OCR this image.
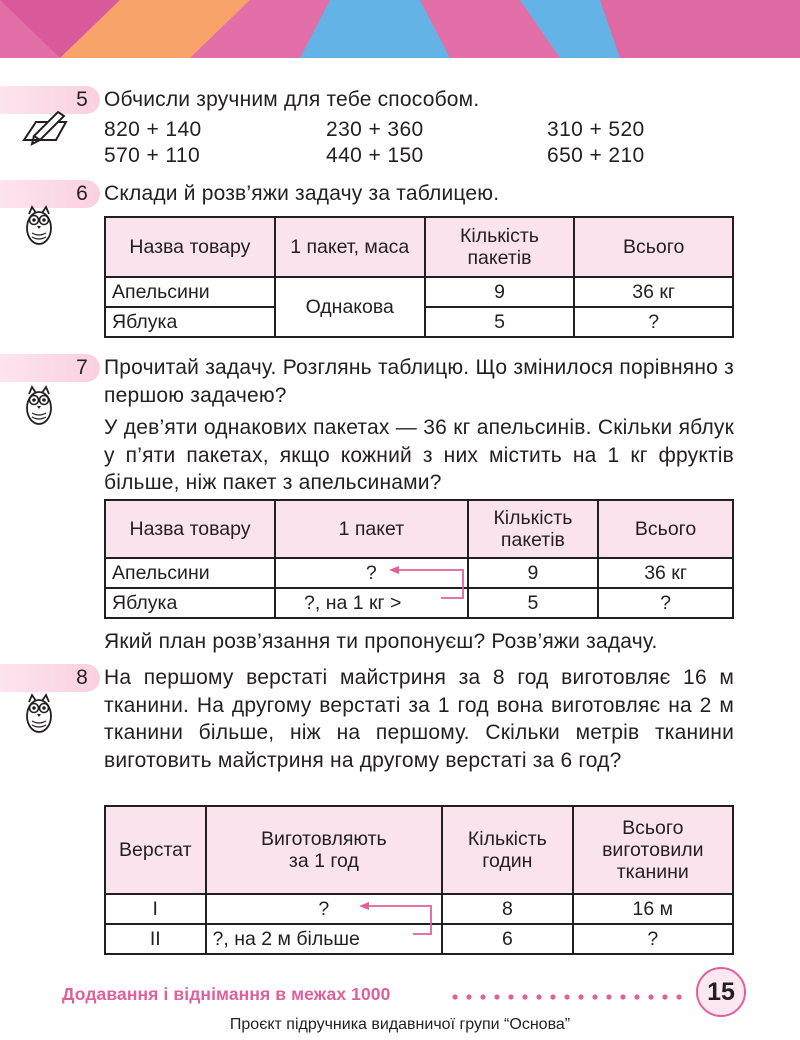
5 Обчисли зручним для тебе способом.
820 + 140	230 + 360	310 + 520
570 + 110	440 + 150	650 + 210
6 Склади й розв’яжи задачу за таблицею.
Назва товару	1 пакет, маса	Кількість пакетів	Всього
Апельсини	Однакова	9	36 кг
Яблука		5	?
7 Прочитай задачу. Розглянь таблицю. Що змінилося порівняно з першою задачею?
У дев’яти однакових пакетах — 36 кг апельсинів. Скільки яблук у п’яти пакетах, якщо кожний з них містить на 1 кг фруктів більше, ніж пакет з апельсинами?
Назва товару	1 пакет	Кількість пакетів	Всього
Апельсини	?	9	36 кг
Яблука	?, на 1 кг >	5	?
Який план розв’язання ти пропонуєш? Розв’яжи задачу.
8 На першому верстаті майстриня за 8 год виготовляє 16 м тканини. На другому верстаті за 1 год вона виготовляє на 2 м тканини більше, ніж на першому. Скільки метрів тканини виготовить майстриня на другому верстаті за 6 год?
Верстат	Виготовляють за 1 год	Кількість годин	Всього виготовили тканини
I	?	8	16 м
II	?, на 2 м більше	6	?
Додавання і віднімання в межах 1000	15
Проєкт підручника видавничої групи “Основа”
